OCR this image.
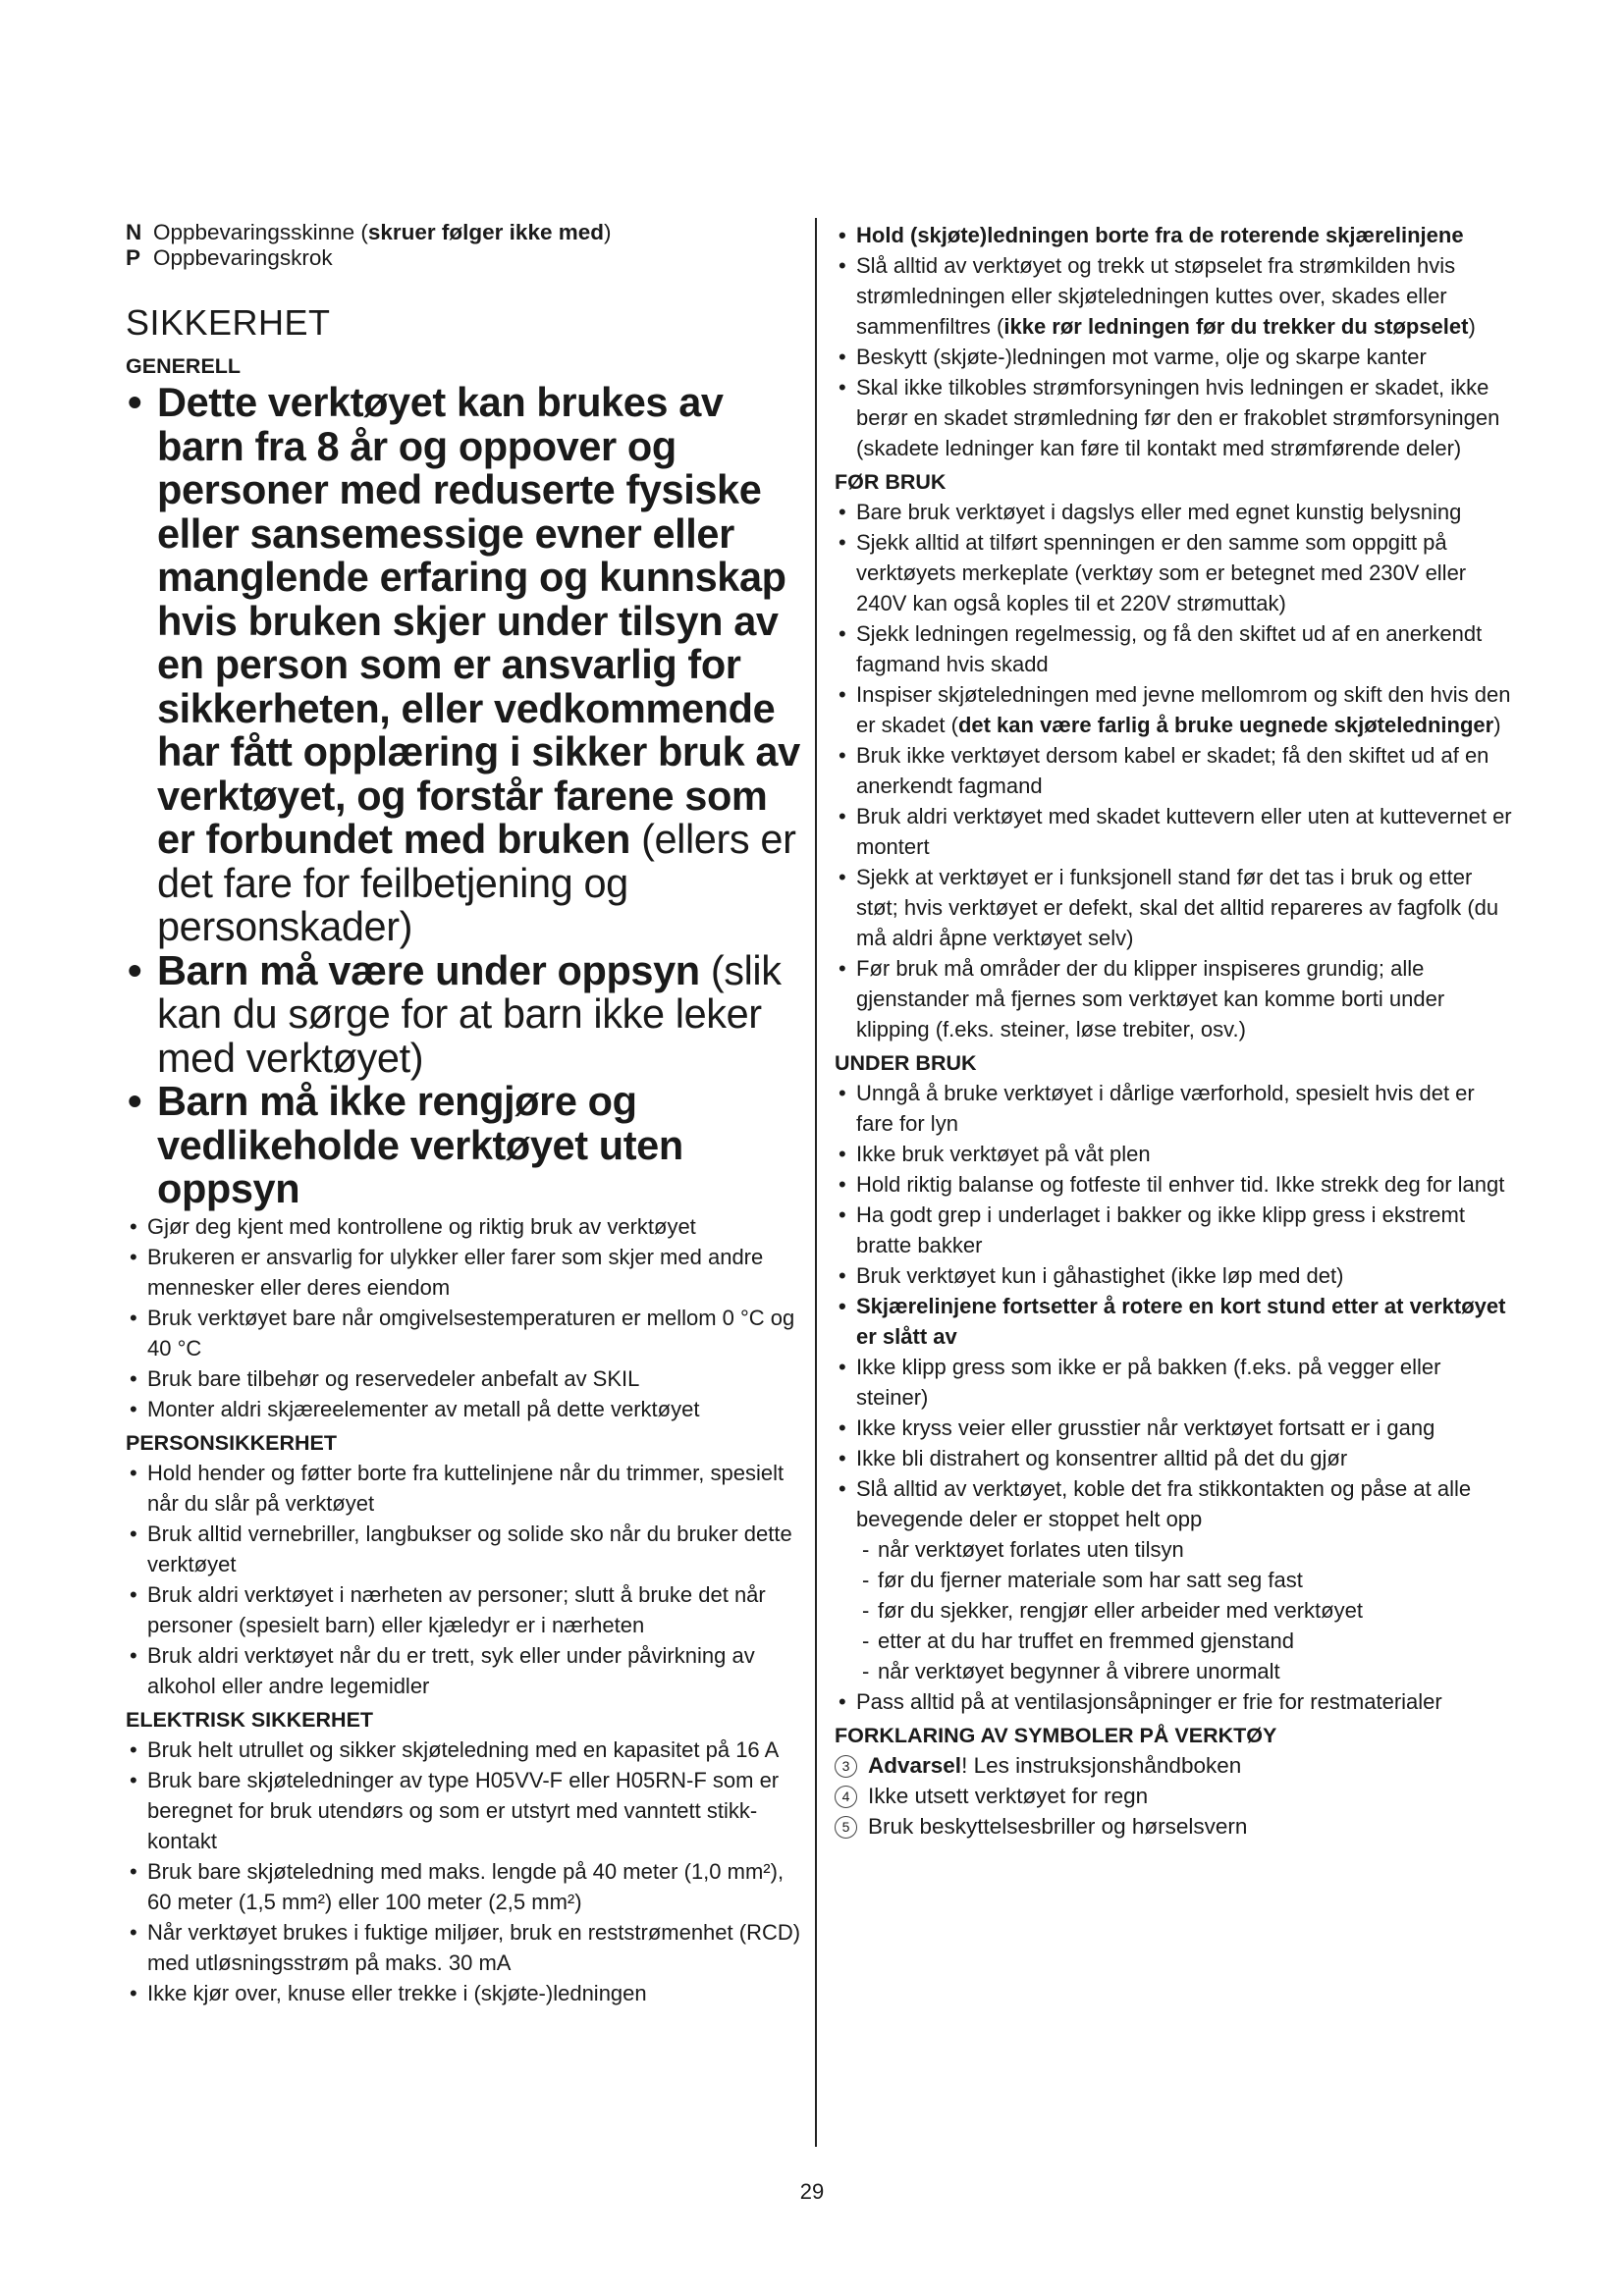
N Oppbevaringsskinne (skruer følger ikke med)
P Oppbevaringskrok
SIKKERHET
GENERELL
• Dette verktøyet kan brukes av barn fra 8 år og oppover og personer med reduserte fysiske eller sansemessige evner eller manglende erfaring og kunnskap hvis bruken skjer under tilsyn av en person som er ansvarlig for sikkerheten, eller vedkommende har fått opplæring i sikker bruk av verktøyet, og forstår farene som er forbundet med bruken (ellers er det fare for feilbetjening og personskader)
• Barn må være under oppsyn (slik kan du sørge for at barn ikke leker med verktøyet)
• Barn må ikke rengjøre og vedlikeholde verktøyet uten oppsyn
• Gjør deg kjent med kontrollene og riktig bruk av verktøyet
• Brukeren er ansvarlig for ulykker eller farer som skjer med andre mennesker eller deres eiendom
• Bruk verktøyet bare når omgivelsestemperaturen er mellom 0 °C og 40 °C
• Bruk bare tilbehør og reservedeler anbefalt av SKIL
• Monter aldri skjæreelementer av metall på dette verktøyet
PERSONSIKKERHET
• Hold hender og føtter borte fra kuttelinjene når du trimmer, spesielt når du slår på verktøyet
• Bruk alltid vernebriller, langbukser og solide sko når du bruker dette verktøyet
• Bruk aldri verktøyet i nærheten av personer; slutt å bruke det når personer (spesielt barn) eller kjæledyr er i nærheten
• Bruk aldri verktøyet når du er trett, syk eller under påvirkning av alkohol eller andre legemidler
ELEKTRISK SIKKERHET
• Bruk helt utrullet og sikker skjøteledning med en kapasitet på 16 A
• Bruk bare skjøteledninger av type H05VV-F eller H05RN-F som er beregnet for bruk utendørs og som er utstyrt med vanntett stikk-kontakt
• Bruk bare skjøteledning med maks. lengde på 40 meter (1,0 mm²), 60 meter (1,5 mm²) eller 100 meter (2,5 mm²)
• Når verktøyet brukes i fuktige miljøer, bruk en reststrømenhet (RCD) med utløsningsstrøm på maks. 30 mA
• Ikke kjør over, knuse eller trekke i (skjøte-)ledningen
• Hold (skjøte)ledningen borte fra de roterende skjærelinjene
• Slå alltid av verktøyet og trekk ut støpselet fra strømkilden hvis strømledningen eller skjøteledningen kuttes over, skades eller sammenfiltres (ikke rør ledningen før du trekker du støpselet)
• Beskytt (skjøte-)ledningen mot varme, olje og skarpe kanter
• Skal ikke tilkobles strømforsyningen hvis ledningen er skadet, ikke berør en skadet strømledning før den er frakoblet strømforsyningen (skadete ledninger kan føre til kontakt med strømførende deler)
FØR BRUK
• Bare bruk verktøyet i dagslys eller med egnet kunstig belysning
• Sjekk alltid at tilført spenningen er den samme som oppgitt på verktøyets merkeplate (verktøy som er betegnet med 230V eller 240V kan også koples til et 220V strømuttak)
• Sjekk ledningen regelmessig, og få den skiftet ud af en anerkendt fagmand hvis skadd
• Inspiser skjøteledningen med jevne mellomrom og skift den hvis den er skadet (det kan være farlig å bruke uegnede skjøteledninger)
• Bruk ikke verktøyet dersom kabel er skadet; få den skiftet ud af en anerkendt fagmand
• Bruk aldri verktøyet med skadet kuttevern eller uten at kuttevernet er montert
• Sjekk at verktøyet er i funksjonell stand før det tas i bruk og etter støt; hvis verktøyet er defekt, skal det alltid repareres av fagfolk (du må aldri åpne verktøyet selv)
• Før bruk må områder der du klipper inspiseres grundig; alle gjenstander må fjernes som verktøyet kan komme borti under klipping (f.eks. steiner, løse trebiter, osv.)
UNDER BRUK
• Unngå å bruke verktøyet i dårlige værforhold, spesielt hvis det er fare for lyn
• Ikke bruk verktøyet på våt plen
• Hold riktig balanse og fotfeste til enhver tid. Ikke strekk deg for langt
• Ha godt grep i underlaget i bakker og ikke klipp gress i ekstremt bratte bakker
• Bruk verktøyet kun i gåhastighet (ikke løp med det)
• Skjærelinjene fortsetter å rotere en kort stund etter at verktøyet er slått av
• Ikke klipp gress som ikke er på bakken (f.eks. på vegger eller steiner)
• Ikke kryss veier eller grusstier når verktøyet fortsatt er i gang
• Ikke bli distrahert og konsentrer alltid på det du gjør
• Slå alltid av verktøyet, koble det fra stikkontakten og påse at alle bevegende deler er stoppet helt opp
- når verktøyet forlates uten tilsyn
- før du fjerner materiale som har satt seg fast
- før du sjekker, rengjør eller arbeider med verktøyet
- etter at du har truffet en fremmed gjenstand
- når verktøyet begynner å vibrere unormalt
• Pass alltid på at ventilasjonsåpninger er frie for restmaterialer
FORKLARING AV SYMBOLER PÅ VERKTØY
3 Advarsel! Les instruksjonshåndboken
4 Ikke utsett verktøyet for regn
5 Bruk beskyttelsesbriller og hørselsvern
29
